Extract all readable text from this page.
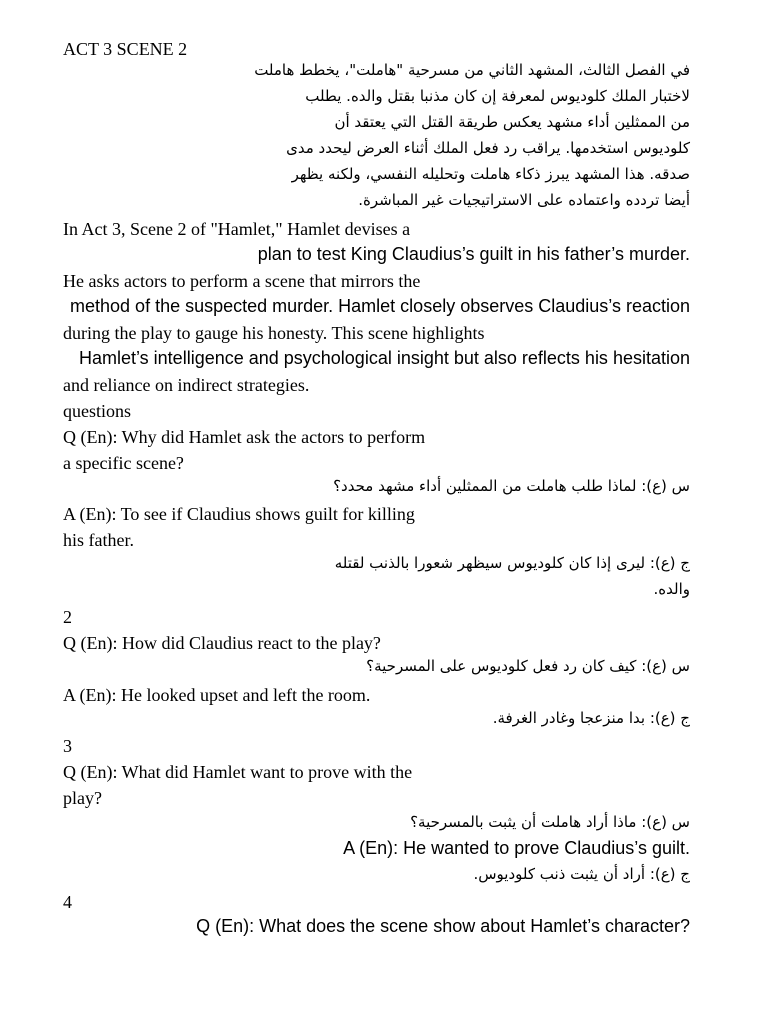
ACT 3 SCENE 2
في الفصل الثالث، المشهد الثاني من مسرحية "هاملت"، يخطط هاملت
لاختبار الملك كلوديوس لمعرفة إن كان مذنبا بقتل والده. يطلب
من الممثلين أداء مشهد يعكس طريقة القتل التي يعتقد أن
كلوديوس استخدمها. يراقب رد فعل الملك أثناء العرض ليحدد مدى
صدقه. هذا المشهد يبرز ذكاء هاملت وتحليله النفسي، ولكنه يظهر
أيضا تردده واعتماده على الاستراتيجيات غير المباشرة.
In Act 3, Scene 2 of "Hamlet," Hamlet devises a
plan to test King Claudius’s guilt in his father’s murder.
He asks actors to perform a scene that mirrors the
method of the suspected murder. Hamlet closely observes Claudius’s reaction
during the play to gauge his honesty. This scene highlights
Hamlet’s intelligence and psychological insight but also reflects his hesitation
and reliance on indirect strategies.
questions
Q (En): Why did Hamlet ask the actors to perform
a specific scene?
س (ع): لماذا طلب هاملت من الممثلين أداء مشهد محدد؟
A (En): To see if Claudius shows guilt for killing
his father.
ج (ع): ليرى إذا كان كلوديوس سيظهر شعورا بالذنب لقتله
والده.
2
Q (En): How did Claudius react to the play?
س (ع): كيف كان رد فعل كلوديوس على المسرحية؟
A (En): He looked upset and left the room.
ج (ع): بدا منزعجا وغادر الغرفة.
3
Q (En): What did Hamlet want to prove with the
play?
س (ع): ماذا أراد هاملت أن يثبت بالمسرحية؟
A (En): He wanted to prove Claudius’s guilt.
ج (ع): أراد أن يثبت ذنب كلوديوس.
4
Q (En): What does the scene show about Hamlet’s character?
